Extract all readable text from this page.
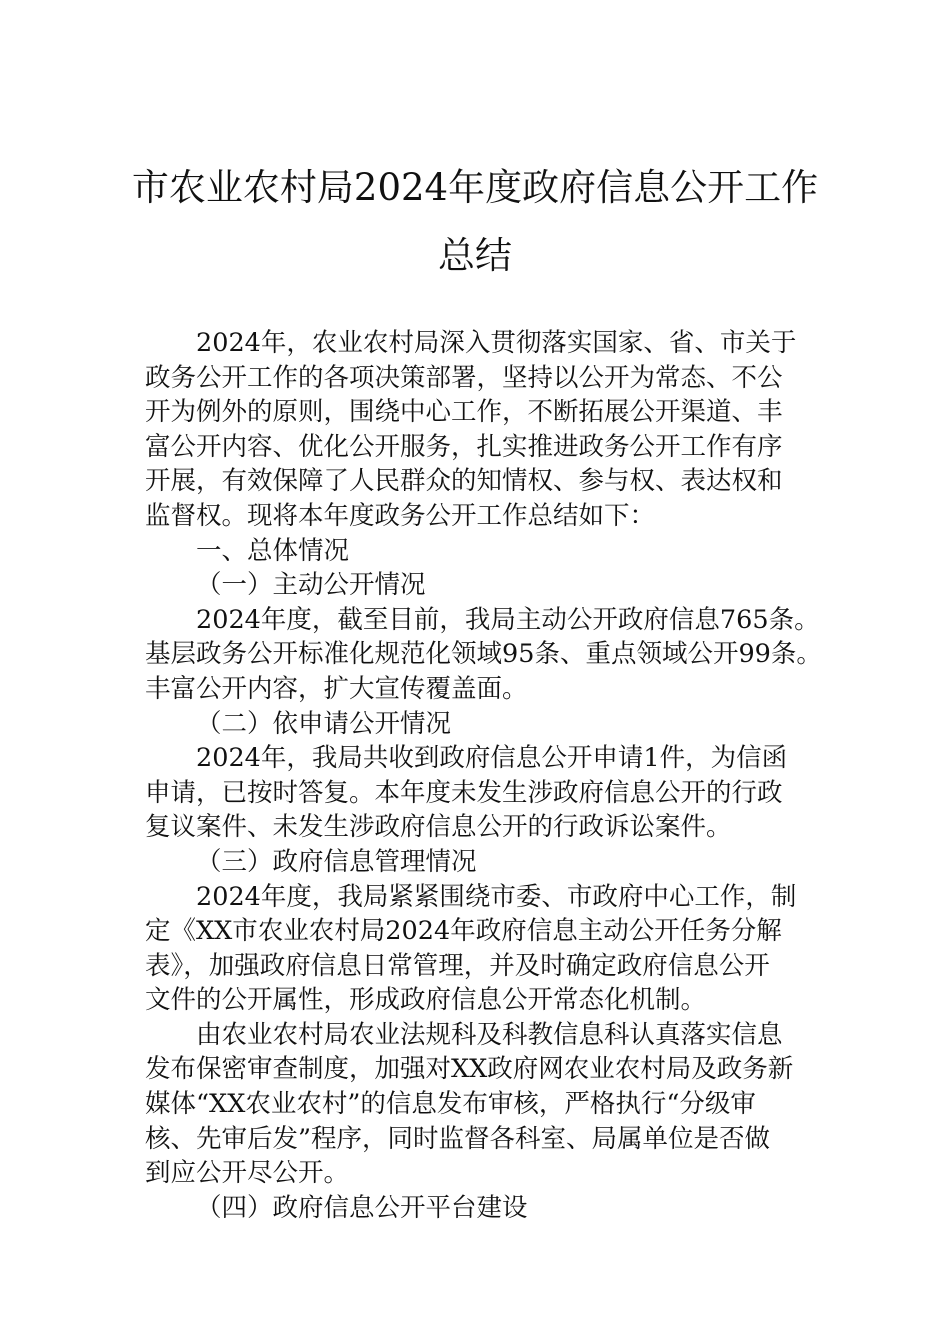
市农业农村局2024年度政府信息公开工作
总结
2024年，农业农村局深入贯彻落实国家、省、市关于
政务公开工作的各项决策部署，坚持以公开为常态、不公
开为例外的原则，围绕中心工作，不断拓展公开渠道、丰
富公开内容、优化公开服务，扎实推进政务公开工作有序
开展，有效保障了人民群众的知情权、参与权、表达权和
监督权。现将本年度政务公开工作总结如下：
一、总体情况
（一）主动公开情况
2024年度，截至目前，我局主动公开政府信息765条。
基层政务公开标准化规范化领域95条、重点领域公开99条。
丰富公开内容，扩大宣传覆盖面。
（二）依申请公开情况
2024年，我局共收到政府信息公开申请1件，为信函
申请，已按时答复。本年度未发生涉政府信息公开的行政
复议案件、未发生涉政府信息公开的行政诉讼案件。
（三）政府信息管理情况
2024年度，我局紧紧围绕市委、市政府中心工作，制
定《XX市农业农村局2024年政府信息主动公开任务分解
表》，加强政府信息日常管理，并及时确定政府信息公开
文件的公开属性，形成政府信息公开常态化机制。
由农业农村局农业法规科及科教信息科认真落实信息
发布保密审查制度，加强对XX政府网农业农村局及政务新
媒体“XX农业农村”的信息发布审核，严格执行“分级审
核、先审后发”程序，同时监督各科室、局属单位是否做
到应公开尽公开。
（四）政府信息公开平台建设
